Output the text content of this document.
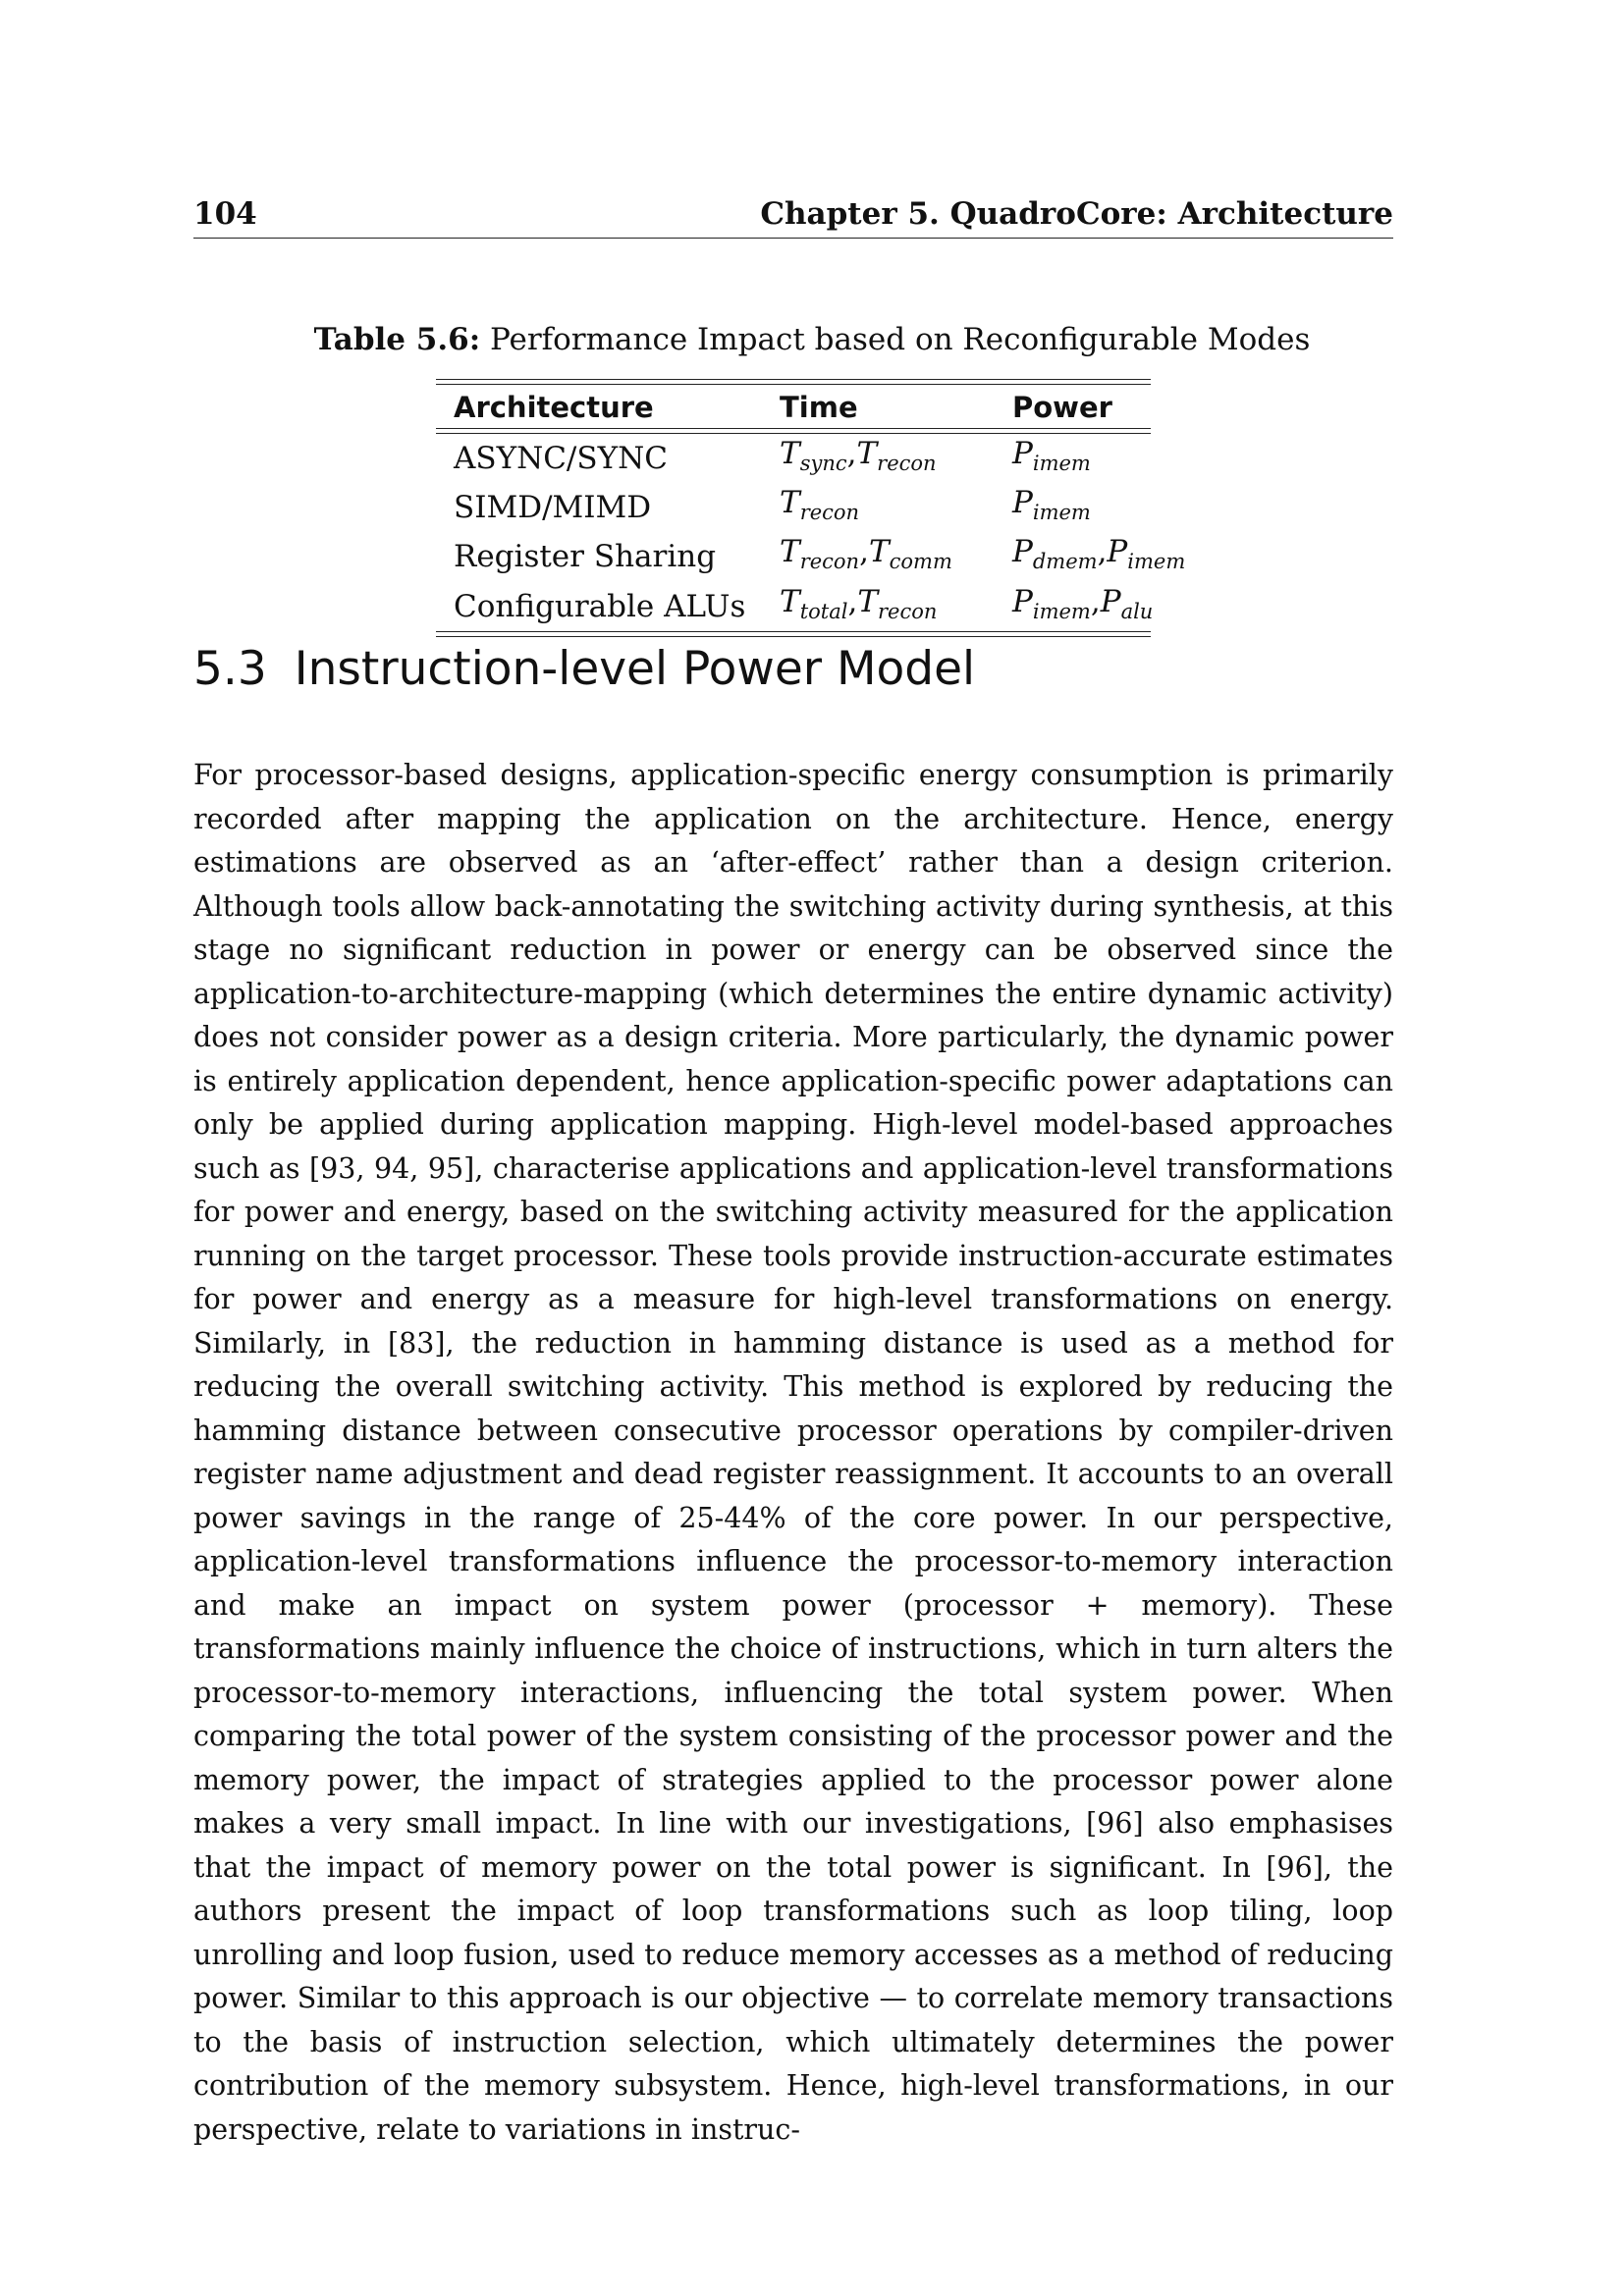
104	Chapter 5. QuadroCore: Architecture
Table 5.6: Performance Impact based on Reconfigurable Modes
Architecture	Time	Power
ASYNC/SYNC	$T_{sync},T_{recon}$	$P_{imem}$
SIMD/MIMD	$T_{recon}$	$P_{imem}$
Register Sharing	$T_{recon},T_{comm}$	$P_{dmem},P_{imem}$
Configurable ALUs	$T_{total},T_{recon}$	$P_{imem},P_{alu}$
5.3 Instruction-level Power Model

For processor-based designs, application-specific energy consumption is primarily recorded after mapping the application on the architecture. Hence, energy estimations are observed as an ‘after-effect’ rather than a design criterion. Although tools allow back-annotating the switching activity during synthesis, at this stage no significant reduction in power or energy can be observed since the application-to-architecture-mapping (which determines the entire dynamic activity) does not consider power as a design criteria. More particularly, the dynamic power is entirely application dependent, hence application-specific power adaptations can only be applied during application mapping. High-level model-based approaches such as [93, 94, 95], characterise applications and application-level transformations for power and energy, based on the switching activity measured for the application running on the target processor. These tools provide instruction-accurate estimates for power and energy as a measure for high-level transformations on energy. Similarly, in [83], the reduction in hamming distance is used as a method for reducing the overall switching activity. This method is explored by reducing the hamming distance between consecutive processor operations by compiler-driven register name adjustment and dead register reassignment. It accounts to an overall power savings in the range of 25-44% of the core power. In our perspective, application-level transformations influence the processor-to-memory interaction and make an impact on system power (processor + memory). These transformations mainly influence the choice of instructions, which in turn alters the processor-to-memory interactions, influencing the total system power. When comparing the total power of the system consisting of the processor power and the memory power, the impact of strategies applied to the processor power alone makes a very small impact. In line with our investigations, [96] also emphasises that the impact of memory power on the total power is significant. In [96], the authors present the impact of loop transformations such as loop tiling, loop unrolling and loop fusion, used to reduce memory accesses as a method of reducing power. Similar to this approach is our objective — to correlate memory transactions to the basis of instruction selection, which ultimately determines the power contribution of the memory subsystem. Hence, high-level transformations, in our perspective, relate to variations in instruc-
